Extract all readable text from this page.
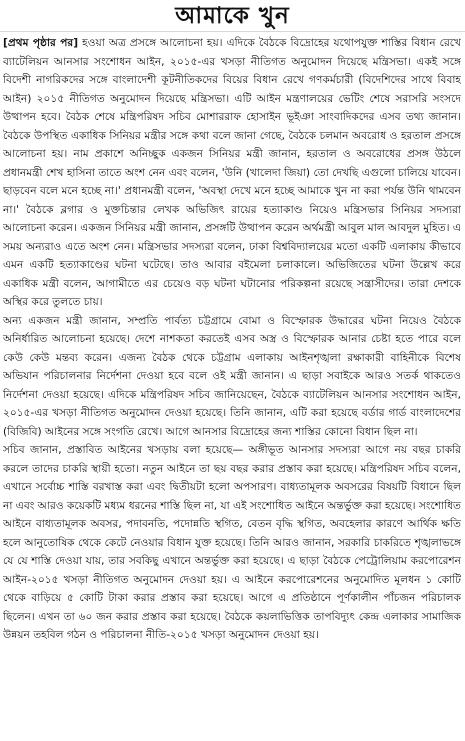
আমাকে খুন

[প্রথম পৃষ্ঠার পর] হওয়া অত্র প্রসঙ্গে আলোচনা হয়। এদিকে বৈঠকে বিদ্রোহের যথোপযুক্ত শাস্তির বিধান রেখে ব্যাটেলিয়ন আনসার সংশোধন আইন, ২০১৫-এর খসড়া নীতিগত অনুমোদন দিয়েছে মন্ত্রিসভা। একই সঙ্গে বিদেশী নাগরিকদের সঙ্গে বাংলাদেশী কূটনীতিকদের বিয়ের বিধান রেখে গণকর্মচারী (বিদেশিদের সাথে বিবাহ আইন) ২০১৫ নীতিগত অনুমোদন দিয়েছে মন্ত্রিসভা। এটি আইন মন্ত্রণালয়ের ভেটিং শেষে সরাসরি সংসদে উত্থাপন হবে। বৈঠক শেষে মন্ত্রিপরিষদ সচিব মোশাররাফ হোসাইন ভূইঞা সাংবাদিকদের এসব তথ্য জানান। বৈঠকে উপস্থিত একাধিক সিনিয়র মন্ত্রীর সঙ্গে কথা বলে জানা গেছে, বৈঠকে চলমান অবরোধ ও হরতাল প্রসঙ্গে আলোচনা হয়। নাম প্রকাশে অনিচ্ছুক একজন সিনিয়র মন্ত্রী জানান, হরতাল ও অবরোধের প্রসঙ্গ উঠলে প্রধানমন্ত্রী শেখ হাসিনা তাতে অংশ নেন এবং বলেন, 'উনি (খালেদা জিয়া) তো দেখছি এগুলো চালিয়ে যাবেন। ছাড়বেন বলে মনে হচ্ছে না।' প্রধানমন্ত্রী বলেন, 'অবস্থা দেখে মনে হচ্ছে আমাকে খুন না করা পর্যন্ত উনি থামবেন না।' বৈঠকে ব্লগার ও মুক্তচিন্তার লেখক অভিজিৎ রায়ের হত্যাকাণ্ড নিয়েও মন্ত্রিসভার সিনিয়র সদস্যরা আলোচনা করেন। একজন সিনিয়র মন্ত্রী জানান, প্রসঙ্গটি উত্থাপন করেন অর্থমন্ত্রী আবুল মাল আবদুল মুহিত। এ সময় অন্যরাও এতে অংশ নেন। মন্ত্রিসভার সদস্যরা বলেন, ঢাকা বিশ্ববিদ্যালয়ের মতো একটি এলাকায় কীভাবে এমন একটি হত্যাকাণ্ডের ঘটনা ঘটেছে। তাও আবার বইমেলা চলাকালে। অভিজিতের ঘটনা উল্লেখ করে একাধিক মন্ত্রী বলেন, আগামীতে এর চেয়েও বড় ঘটনা ঘটানোর পরিকল্পনা রয়েছে সন্ত্রাসীদের। তারা দেশকে অস্থির করে তুলতে চায়।

অন্য একজন মন্ত্রী জানান, সম্প্রতি পার্বত্য চট্টগ্রামে বোমা ও বিস্ফোরক উদ্ধারের ঘটনা নিয়েও বৈঠকে অনির্ধারিত আলোচনা হয়েছে। দেশে নাশকতা করতেই এসব অস্ত্র ও বিস্ফোরক আনার চেষ্টা হতে পারে বলে কেউ কেউ মন্তব্য করেন। এজন্য বৈঠক থেকে চট্টগ্রাম এলাকায় আইনশৃঙ্খলা রক্ষাকারী বাহিনীকে বিশেষ অভিযান পরিচালনার নির্দেশনা দেওয়া হবে বলে ওই মন্ত্রী জানান। এ ছাড়া সবাইকে আরও সতর্ক থাকতেও নির্দেশনা দেওয়া হয়েছে। এদিকে মন্ত্রিপরিষদ সচিব জানিয়েছেন, বৈঠকে ব্যাটেলিয়ন আনসার সংশোধন আইন, ২০১৫-এর খসড়া নীতিগত অনুমোদন দেওয়া হয়েছে। তিনি জানান, এটি করা হয়েছে বর্ডার গার্ড বাংলাদেশের (বিজিবি) আইনের সঙ্গে সংগতি রেখে। আগে আনসার বিদ্রোহের জন্য শাস্তির কোনো বিধান ছিল না।

সচিব জানান, প্রস্তাবিত আইনের খসড়ায় বলা হয়েছে— অঙ্গীভূত আনসার সদস্যরা আগে নয় বছর চাকরি করলে তাদের চাকরি স্থায়ী হতো। নতুন আইনে তা ছয় বছর করার প্রস্তাব করা হয়েছে। মন্ত্রিপরিষদ সচিব বলেন, এখানে সর্বোচ্চ শাস্তি বরখাস্ত করা এবং দ্বিতীয়টা হলো অপসারণ। বাধ্যতামূলক অবসরের বিষয়টি বিধানে ছিল না এবং আরও কয়েকটি মধ্যম ধরনের শাস্তি ছিল না, যা এই সংশোধিত আইনে অন্তর্ভুক্ত করা হয়েছে। সংশোধিত আইনে বাধ্যতামূলক অবসর, পদাবনতি, পদোন্নতি স্থগিত, বেতন বৃদ্ধি স্থগিত, অবহেলার কারণে আর্থিক ক্ষতি হলে আনুতোষিক থেকে কেটে নেওয়ার বিধান যুক্ত হয়েছে। তিনি আরও জানান, সরকারি চাকরিতে শৃঙ্খলাভঙ্গে যে যে শাস্তি দেওয়া যায়, তার সবকিছু এখানে অন্তর্ভুক্ত করা হয়েছে। এ ছাড়া বৈঠকে পেট্রোলিয়াম করপোরেশন আইন-২০১৫ খসড়া নীতিগত অনুমোদন দেওয়া হয়। এ আইনে করপোরেশনের অনুমোদিত মূলধন ১ কোটি থেকে বাড়িয়ে ৫ কোটি টাকা করার প্রস্তাব করা হয়েছে। আগে এ প্রতিষ্ঠানে পূর্ণকালীন পাঁচজন পরিচালক ছিলেন। এখন তা ৬০ জন করার প্রস্তাব করা হয়েছে। বৈঠকে কয়লাভিত্তিক তাপবিদ্যুৎ কেন্দ্র এলাকার সামাজিক উন্নয়ন তহবিল গঠন ও পরিচালনা নীতি-২০১৫ খসড়া অনুমোদন দেওয়া হয়।
